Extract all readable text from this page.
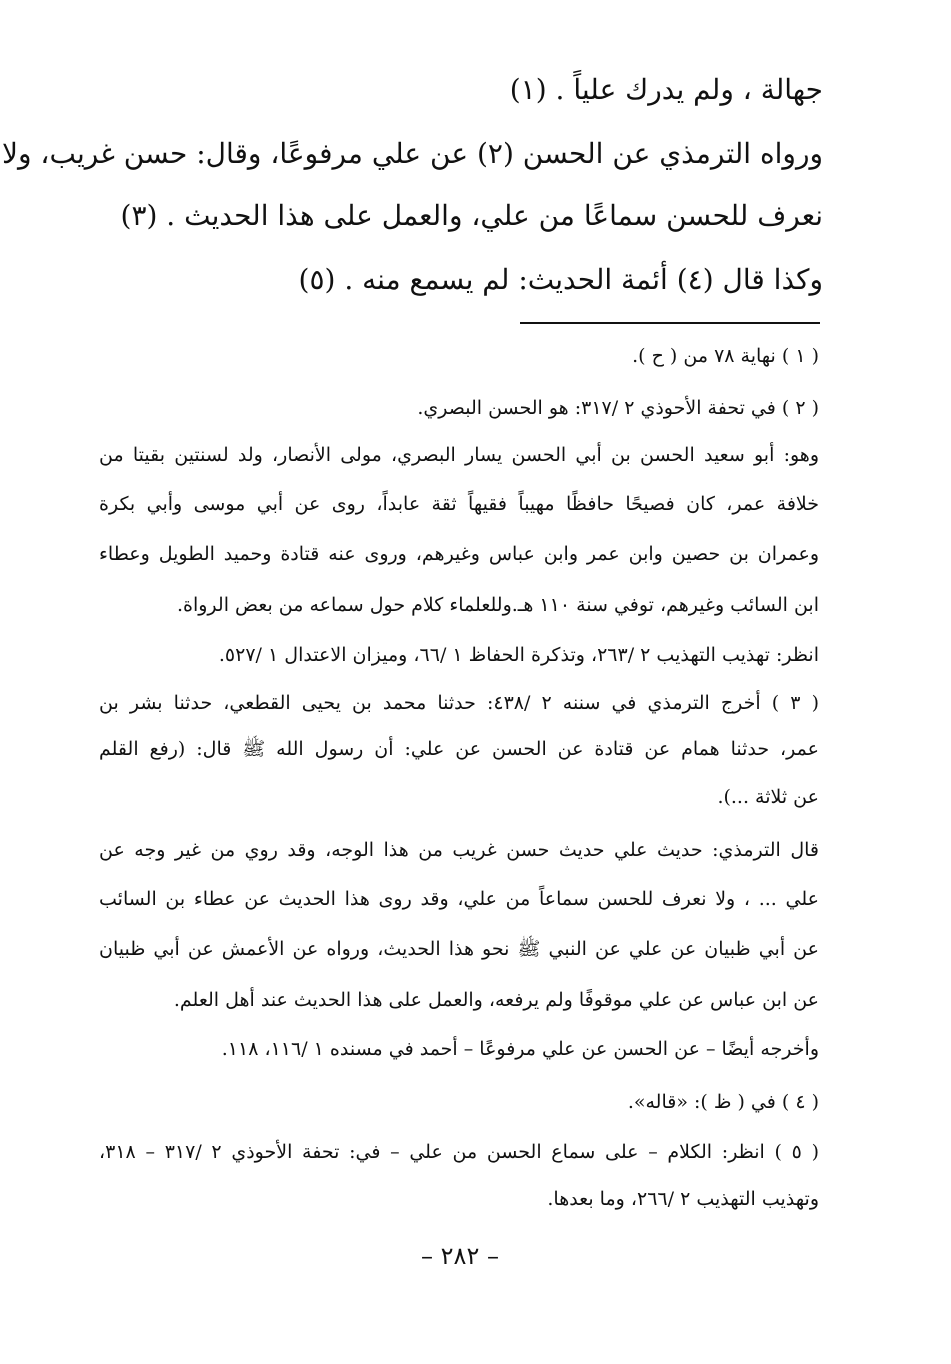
جهالة ، ولم يدرك علياً . (١)
ورواه الترمذي عن الحسن (٢) عن علي مرفوعًا، وقال: حسن غريب، ولا
نعرف للحسن سماعًا من علي، والعمل على هذا الحديث . (٣)
وكذا قال (٤) أئمة الحديث: لم يسمع منه . (٥)
( ١ ) نهاية ٧٨ من ( ح ).
( ٢ ) في تحفة الأحوذي ٢ /٣١٧: هو الحسن البصري.
وهو: أبو سعيد الحسن بن أبي الحسن يسار البصري، مولى الأنصار، ولد لسنتين بقيتا من
خلافة عمر، كان فصيحًا حافظًا مهيباً فقيهاً ثقة عابداً، روى عن أبي موسى وأبي بكرة
وعمران بن حصين وابن عمر وابن عباس وغيرهم، وروى عنه قتادة وحميد الطويل وعطاء
ابن السائب وغيرهم، توفي سنة ١١٠ هـ.وللعلماء كلام حول سماعه من بعض الرواة.
انظر: تهذيب التهذيب ٢ /٢٦٣، وتذكرة الحفاظ ١ /٦٦، وميزان الاعتدال ١ /٥٢٧.
( ٣ ) أخرج الترمذي في سننه ٢ /٤٣٨: حدثنا محمد بن يحيى القطعي، حدثنا بشر بن
عمر، حدثنا همام عن قتادة عن الحسن عن علي: أن رسول الله ﷺ قال: (رفع القلم
عن ثلاثة ...).
قال الترمذي: حديث علي حديث حسن غريب من هذا الوجه، وقد روي من غير وجه عن
علي ... ، ولا نعرف للحسن سماعاً من علي، وقد روى هذا الحديث عن عطاء بن السائب
عن أبي ظبيان عن علي عن النبي ﷺ نحو هذا الحديث، ورواه عن الأعمش عن أبي ظبيان
عن ابن عباس عن علي موقوفًا ولم يرفعه، والعمل على هذا الحديث عند أهل العلم.
وأخرجه أيضًا – عن الحسن عن علي مرفوعًا – أحمد في مسنده ١ /١١٦، ١١٨.
( ٤ ) في ( ظ ): «قاله».
( ٥ ) انظر: الكلام – على سماع الحسن من علي – في: تحفة الأحوذي ٢ /٣١٧ – ٣١٨،
وتهذيب التهذيب ٢ /٢٦٦، وما بعدها.
– ٢٨٢ –
